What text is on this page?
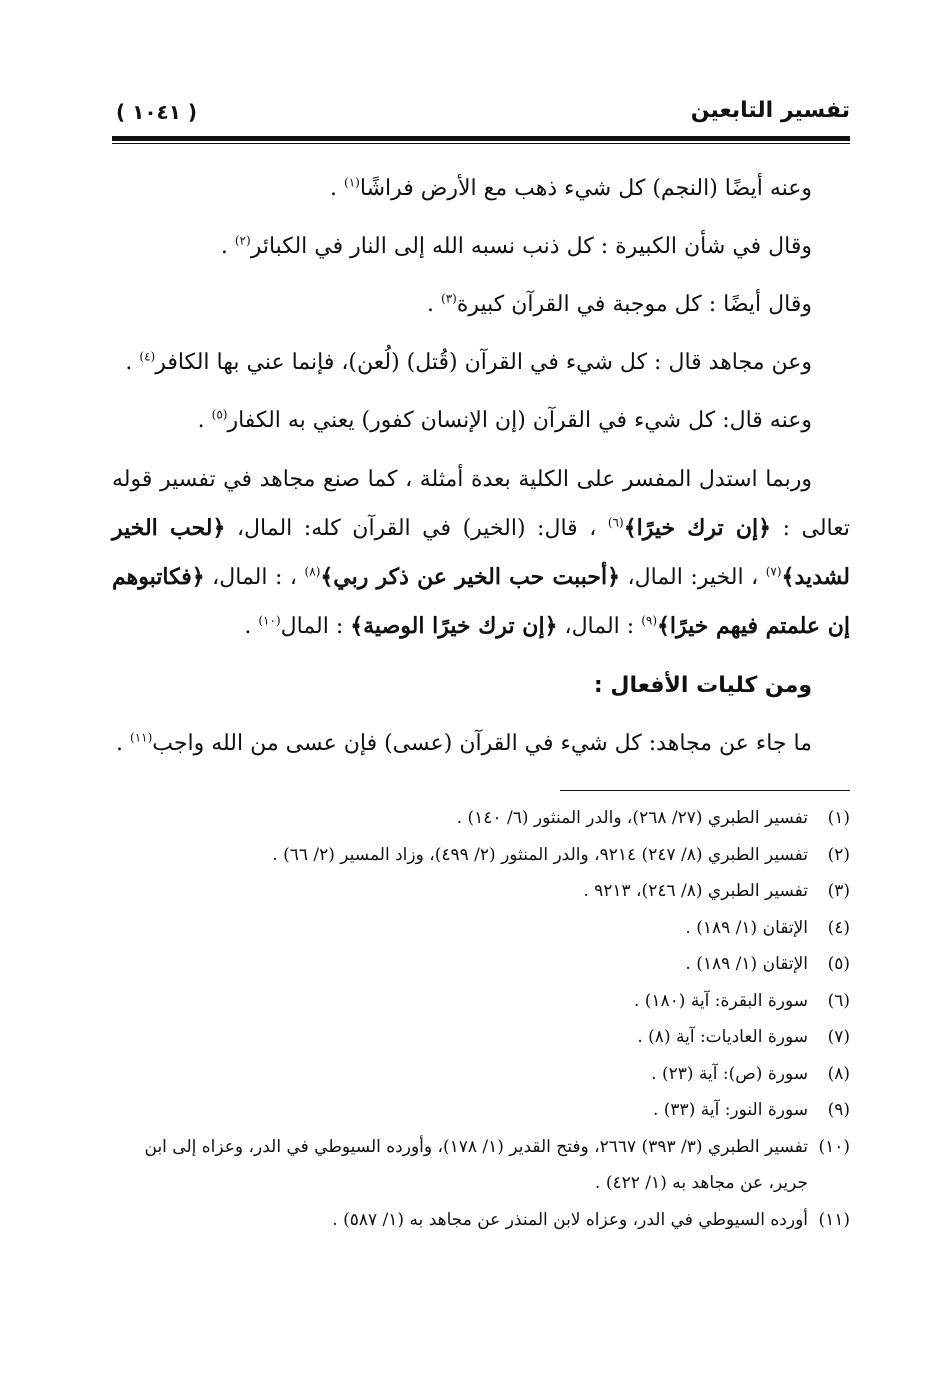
تفسير التابعين
( ١٠٤١ )

وعنه أيضًا (النجم) كل شيء ذهب مع الأرض فراشًا$^{(١)}$ .

وقال في شأن الكبيرة : كل ذنب نسبه الله إلى النار في الكبائر$^{(٢)}$ .

وقال أيضًا : كل موجبة في القرآن كبيرة$^{(٣)}$ .

وعن مجاهد قال : كل شيء في القرآن (قُتل) (لُعن)، فإنما عني بها الكافر$^{(٤)}$ .

وعنه قال: كل شيء في القرآن (إن الإنسان كفور) يعني به الكفار$^{(٥)}$ .

وربما استدل المفسر على الكلية بعدة أمثلة ، كما صنع مجاهد في تفسير قوله تعالى : ﴿إن ترك خيرًا﴾$^{(٦)}$ ، قال: (الخير) في القرآن كله: المال، ﴿لحب الخير لشديد﴾$^{(٧)}$ ، الخير: المال، ﴿أحببت حب الخير عن ذكر ربي﴾$^{(٨)}$ ، : المال، ﴿فكاتبوهم إن علمتم فيهم خيرًا﴾$^{(٩)}$ : المال، ﴿إن ترك خيرًا الوصية﴾ : المال$^{(١٠)}$ .

ومن كليات الأفعال :

ما جاء عن مجاهد: كل شيء في القرآن (عسى) فإن عسى من الله واجب$^{(١١)}$ .

(١)
تفسير الطبري (٢٧/ ٢٦٨)، والدر المنثور (٦/ ١٤٠) .
(٢)
تفسير الطبري (٨/ ٢٤٧) ٩٢١٤، والدر المنثور (٢/ ٤٩٩)، وزاد المسير (٢/ ٦٦) .
(٣)
تفسير الطبري (٨/ ٢٤٦)، ٩٢١٣ .
(٤)
الإتقان (١/ ١٨٩) .
(٥)
الإتقان (١/ ١٨٩) .
(٦)
سورة البقرة: آية (١٨٠) .
(٧)
سورة العاديات: آية (٨) .
(٨)
سورة (ص): آية (٢٣) .
(٩)
سورة النور: آية (٣٣) .
(١٠)
تفسير الطبري (٣/ ٣٩٣) ٢٦٦٧، وفتح القدير (١/ ١٧٨)، وأورده السيوطي في الدر، وعزاه إلى ابن جرير، عن مجاهد به (١/ ٤٢٢) .
(١١)
أورده السيوطي في الدر، وعزاه لابن المنذر عن مجاهد به (١/ ٥٨٧) .
